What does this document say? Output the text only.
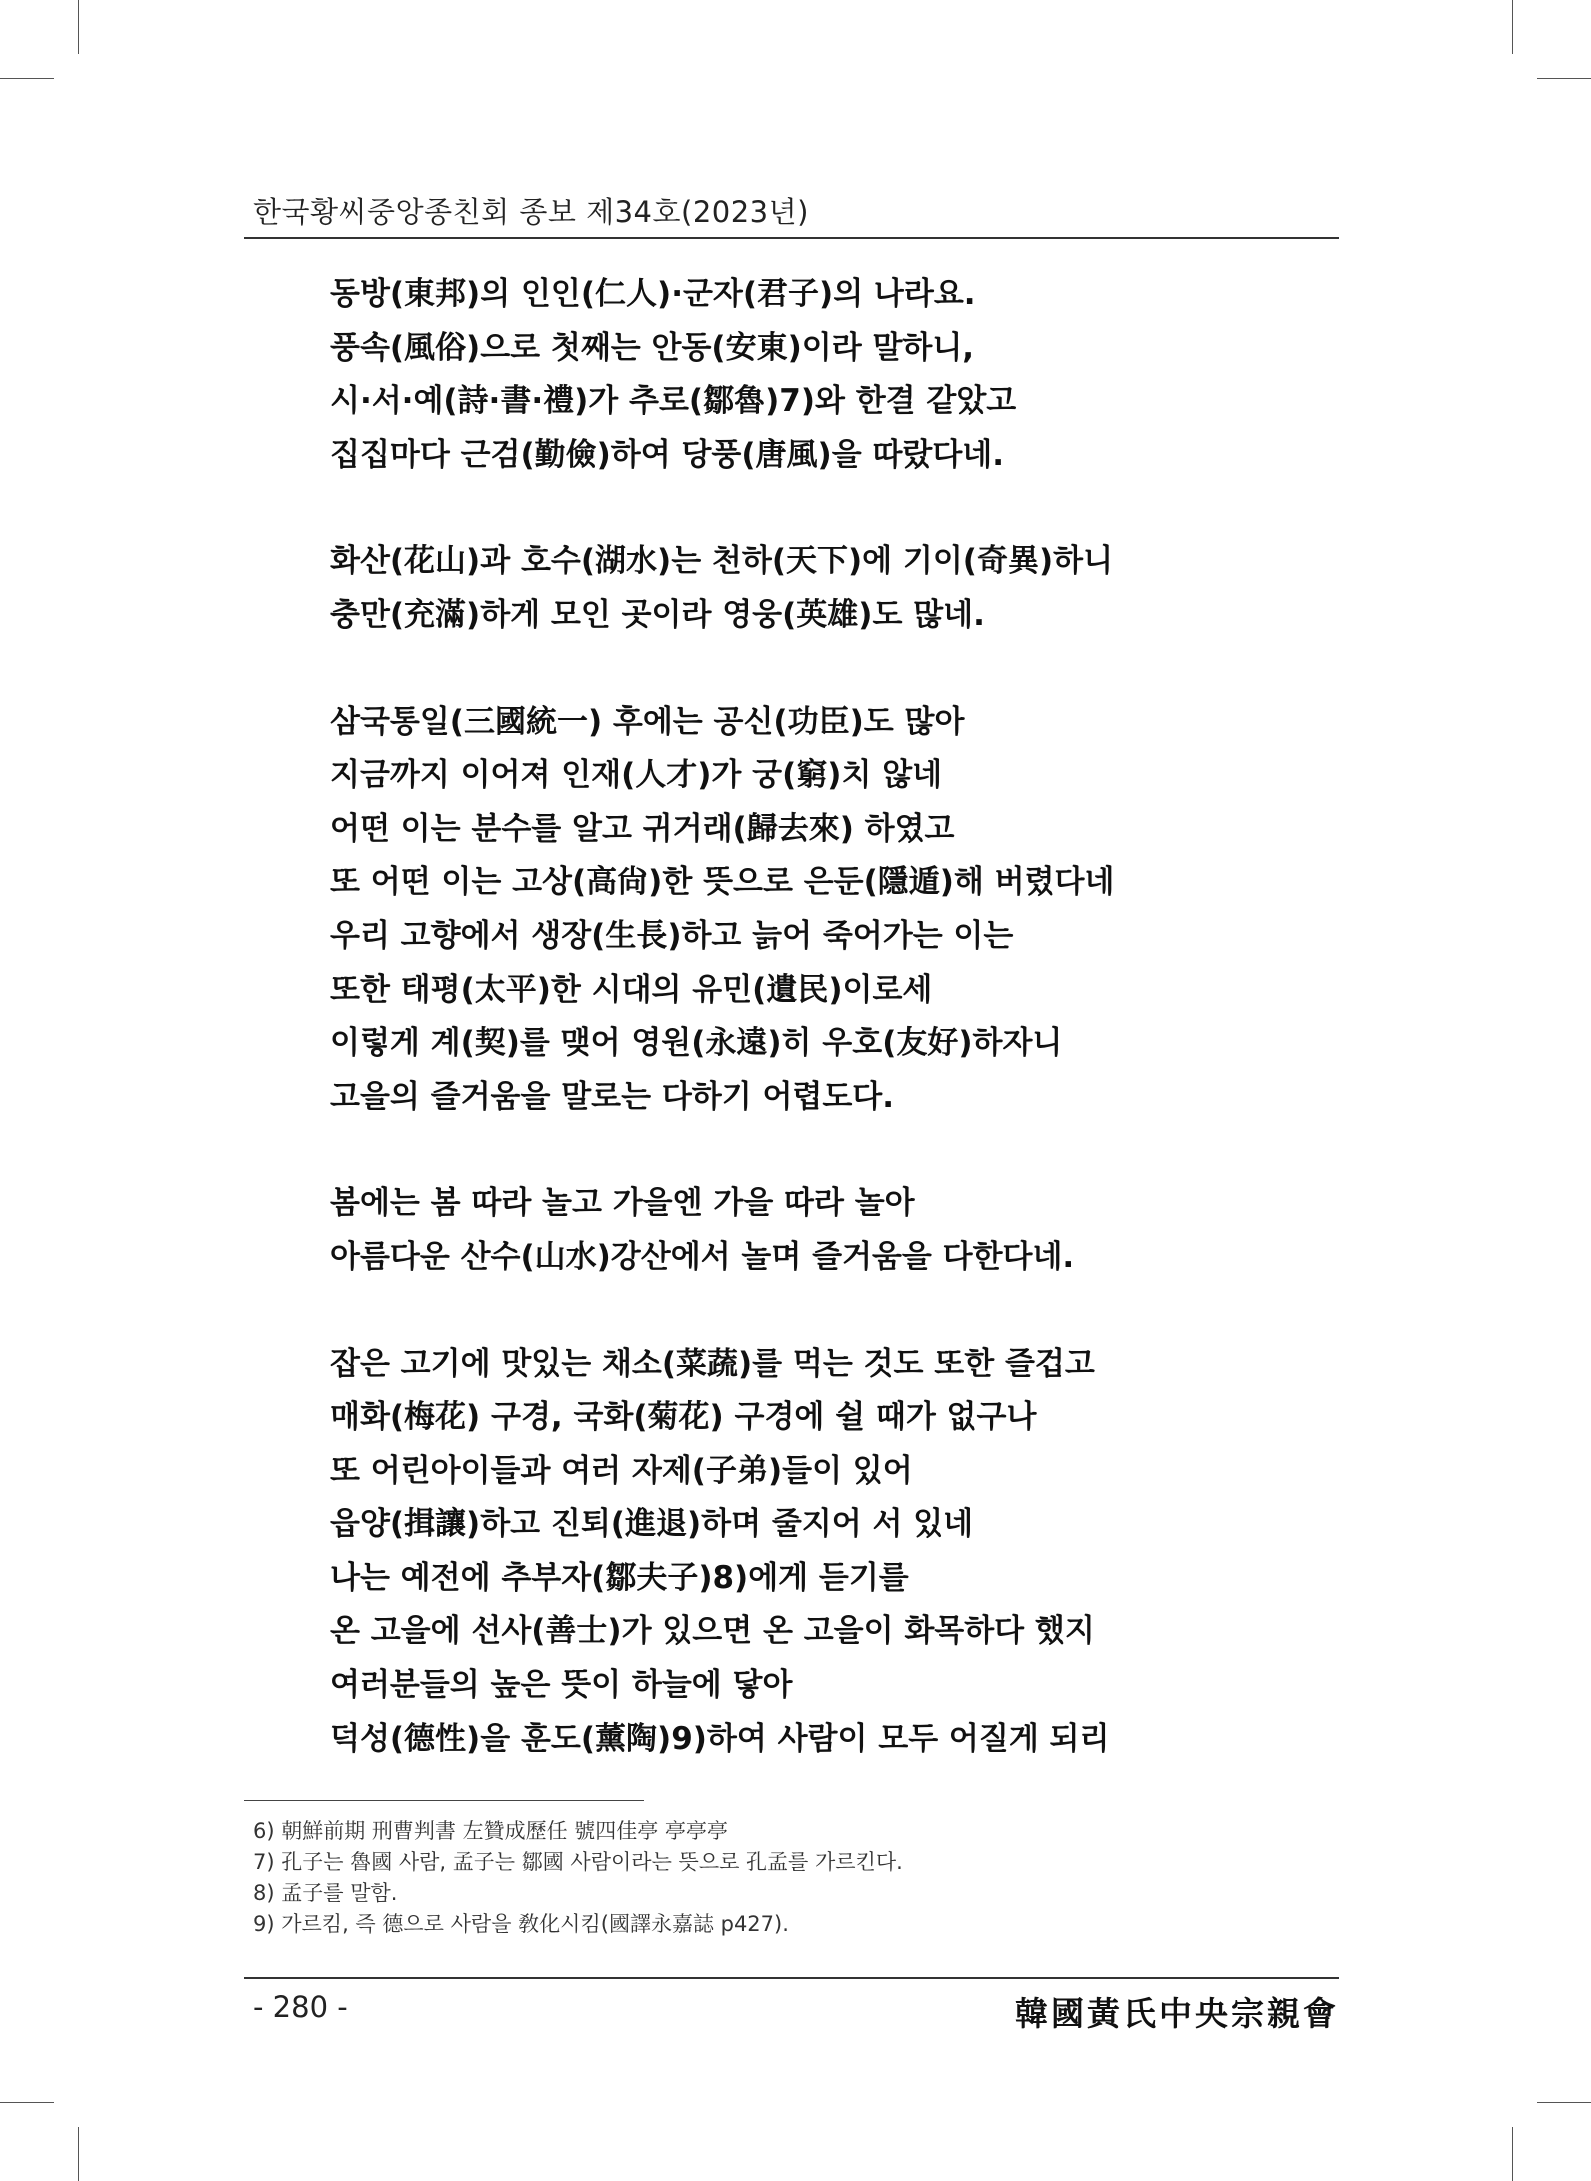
한국황씨중앙종친회 종보 제34호(2023년)
동방(東邦)의 인인(仁人)·군자(君子)의 나라요.
풍속(風俗)으로 첫째는 안동(安東)이라 말하니,
시·서·예(詩·書·禮)가 추로(鄒魯)7)와 한결 같았고
집집마다 근검(勤儉)하여 당풍(唐風)을 따랐다네.
화산(花山)과 호수(湖水)는 천하(天下)에 기이(奇異)하니
충만(充滿)하게 모인 곳이라 영웅(英雄)도 많네.
삼국통일(三國統一) 후에는 공신(功臣)도 많아
지금까지 이어져 인재(人才)가 궁(窮)치 않네
어떤 이는 분수를 알고 귀거래(歸去來) 하였고
또 어떤 이는 고상(高尙)한 뜻으로 은둔(隱遁)해 버렸다네
우리 고향에서 생장(生長)하고 늙어 죽어가는 이는
또한 태평(太平)한 시대의 유민(遺民)이로세
이렇게 계(契)를 맺어 영원(永遠)히 우호(友好)하자니
고을의 즐거움을 말로는 다하기 어렵도다.
봄에는 봄 따라 놀고 가을엔 가을 따라 놀아
아름다운 산수(山水)강산에서 놀며 즐거움을 다한다네.
잡은 고기에 맛있는 채소(菜蔬)를 먹는 것도 또한 즐겁고
매화(梅花) 구경, 국화(菊花) 구경에 쉴 때가 없구나
또 어린아이들과 여러 자제(子弟)들이 있어
읍양(揖讓)하고 진퇴(進退)하며 줄지어 서 있네
나는 예전에 추부자(鄒夫子)8)에게 듣기를
온 고을에 선사(善士)가 있으면 온 고을이 화목하다 했지
여러분들의 높은 뜻이 하늘에 닿아
덕성(德性)을 훈도(薰陶)9)하여 사람이 모두 어질게 되리
6) 朝鮮前期 刑曹判書 左贊成歷任 號四佳亭 亭亭亭
7) 孔子는 魯國 사람, 孟子는 鄒國 사람이라는 뜻으로 孔孟를 가르킨다.
8) 孟子를 말함.
9) 가르킴, 즉 德으로 사람을 敎化시킴(國譯永嘉誌 p427).
- 280 -	韓國黃氏中央宗親會
